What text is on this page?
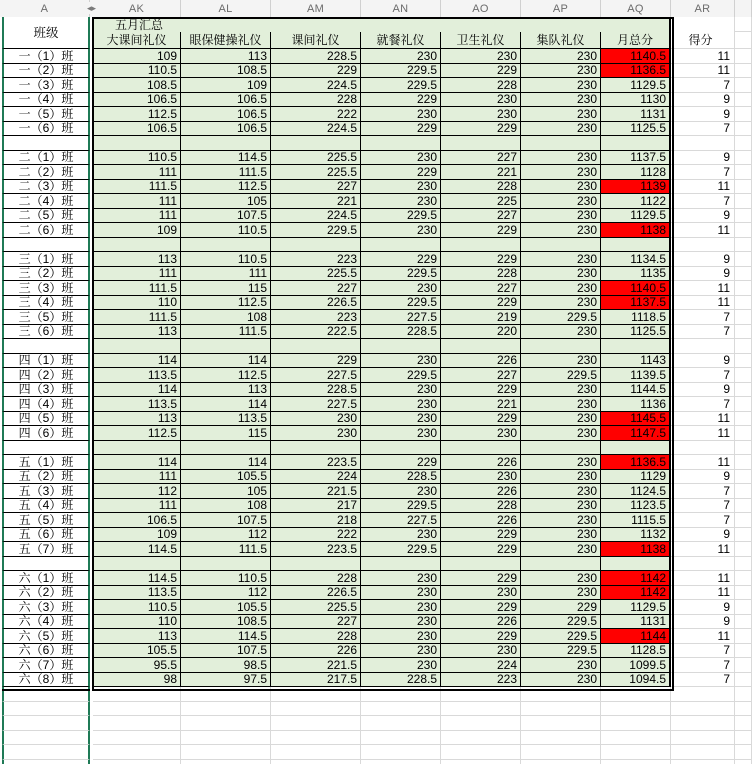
A	AK	AL	AM	AN	AO	AP	AQ	AR
五月汇总
大课间礼仪	眼保健操礼仪	课间礼仪	就餐礼仪	卫生礼仪	集队礼仪	月总分	得分
一（1）班	109	113	228.5	230	230	230	1140.5	11
一（2）班	110.5	108.5	229	229.5	229	230	1136.5	11
一（3）班	108.5	109	224.5	229.5	228	230	1129.5	7
一（4）班	106.5	106.5	228	229	230	230	1130	9
一（5）班	112.5	106.5	222	230	230	230	1131	9
一（6）班	106.5	106.5	224.5	229	229	230	1125.5	7
二（1）班	110.5	114.5	225.5	230	227	230	1137.5	9
二（2）班	111	111.5	225.5	229	221	230	1128	7
二（3）班	111.5	112.5	227	230	228	230	1139	11
二（4）班	111	105	221	230	225	230	1122	7
二（5）班	111	107.5	224.5	229.5	227	230	1129.5	9
二（6）班	109	110.5	229.5	230	229	230	1138	11
三（1）班	113	110.5	223	229	229	230	1134.5	9
三（2）班	111	111	225.5	229.5	228	230	1135	9
三（3）班	111.5	115	227	230	227	230	1140.5	11
三（4）班	110	112.5	226.5	229.5	229	230	1137.5	11
三（5）班	111.5	108	223	227.5	219	229.5	1118.5	7
三（6）班	113	111.5	222.5	228.5	220	230	1125.5	7
四（1）班	114	114	229	230	226	230	1143	9
四（2）班	113.5	112.5	227.5	229.5	227	229.5	1139.5	7
四（3）班	114	113	228.5	230	229	230	1144.5	9
四（4）班	113.5	114	227.5	230	221	230	1136	7
四（5）班	113	113.5	230	230	229	230	1145.5	11
四（6）班	112.5	115	230	230	230	230	1147.5	11
五（1）班	114	114	223.5	229	226	230	1136.5	11
五（2）班	111	105.5	224	228.5	230	230	1129	9
五（3）班	112	105	221.5	230	226	230	1124.5	7
五（4）班	111	108	217	229.5	228	230	1123.5	7
五（5）班	106.5	107.5	218	227.5	226	230	1115.5	7
五（6）班	109	112	222	230	229	230	1132	9
五（7）班	114.5	111.5	223.5	229.5	229	230	1138	11
六（1）班	114.5	110.5	228	230	229	230	1142	11
六（2）班	113.5	112	226.5	230	230	230	1142	11
六（3）班	110.5	105.5	225.5	230	229	229	1129.5	9
六（4）班	110	108.5	227	230	226	229.5	1131	9
六（5）班	113	114.5	228	230	229	229.5	1144	11
六（6）班	105.5	107.5	226	230	230	229.5	1128.5	7
六（7）班	95.5	98.5	221.5	230	224	230	1099.5	7
六（8）班	98	97.5	217.5	228.5	223	230	1094.5	7
◂▸
班级
